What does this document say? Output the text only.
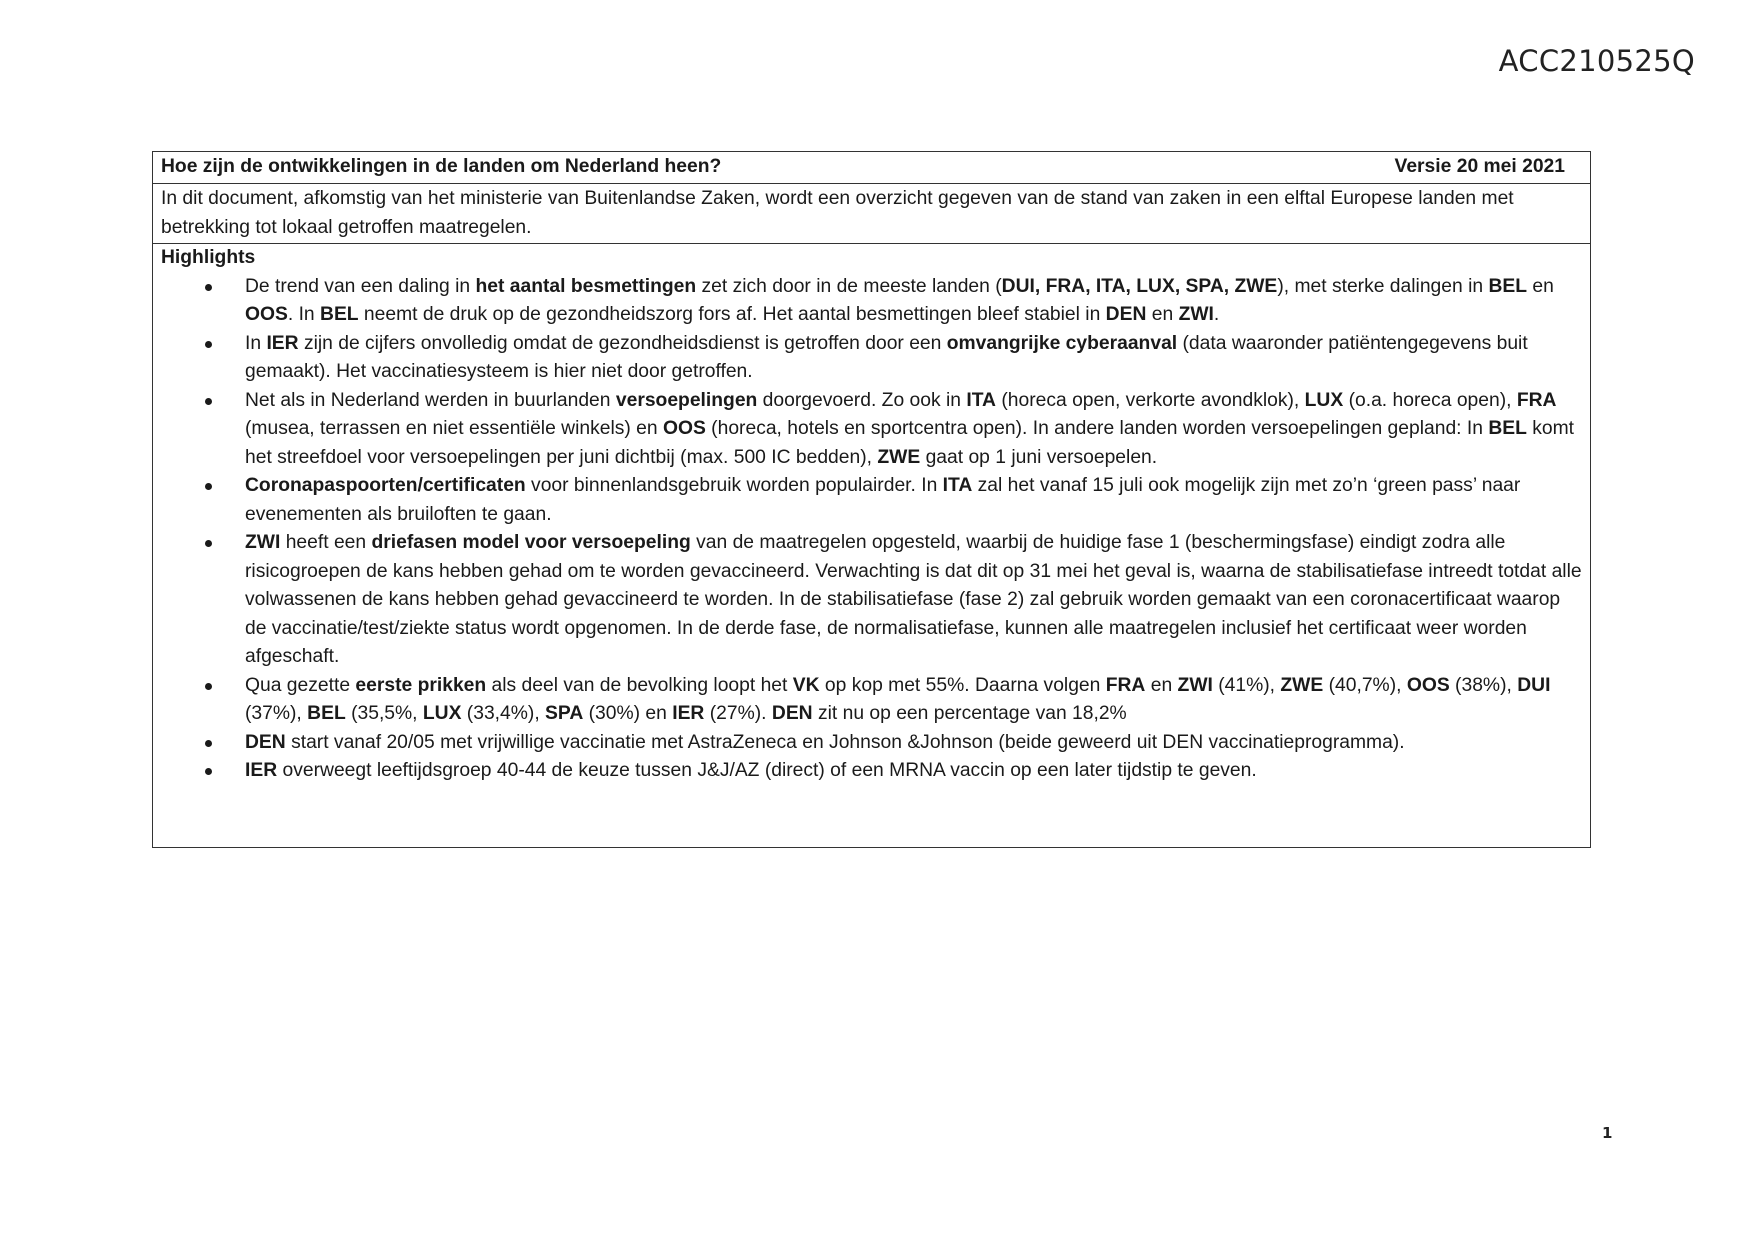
ACC210525Q
Hoe zijn de ontwikkelingen in de landen om Nederland heen?	Versie 20 mei 2021
In dit document, afkomstig van het ministerie van Buitenlandse Zaken, wordt een overzicht gegeven van de stand van zaken in een elftal Europese landen met betrekking tot lokaal getroffen maatregelen.
Highlights
De trend van een daling in het aantal besmettingen zet zich door in de meeste landen (DUI, FRA, ITA, LUX, SPA, ZWE), met sterke dalingen in BEL en OOS. In BEL neemt de druk op de gezondheidszorg fors af. Het aantal besmettingen bleef stabiel in DEN en ZWI.
In IER zijn de cijfers onvolledig omdat de gezondheidsdienst is getroffen door een omvangrijke cyberaanval (data waaronder patiëntengegevens buit gemaakt). Het vaccinatiesysteem is hier niet door getroffen.
Net als in Nederland werden in buurlanden versoepelingen doorgevoerd. Zo ook in ITA (horeca open, verkorte avondklok), LUX (o.a. horeca open), FRA (musea, terrassen en niet essentiële winkels) en OOS (horeca, hotels en sportcentra open). In andere landen worden versoepelingen gepland: In BEL komt het streefdoel voor versoepelingen per juni dichtbij (max. 500 IC bedden), ZWE gaat op 1 juni versoepelen.
Coronapaspoorten/certificaten voor binnenlandsgebruik worden populairder. In ITA zal het vanaf 15 juli ook mogelijk zijn met zo’n ‘green pass’ naar evenementen als bruiloften te gaan.
ZWI heeft een driefasen model voor versoepeling van de maatregelen opgesteld, waarbij de huidige fase 1 (beschermingsfase) eindigt zodra alle risicogroepen de kans hebben gehad om te worden gevaccineerd. Verwachting is dat dit op 31 mei het geval is, waarna de stabilisatiefase intreedt totdat alle volwassenen de kans hebben gehad gevaccineerd te worden. In de stabilisatiefase (fase 2) zal gebruik worden gemaakt van een coronacertificaat waarop de vaccinatie/test/ziekte status wordt opgenomen. In de derde fase, de normalisatiefase, kunnen alle maatregelen inclusief het certificaat weer worden afgeschaft.
Qua gezette eerste prikken als deel van de bevolking loopt het VK op kop met 55%. Daarna volgen FRA en ZWI (41%), ZWE (40,7%), OOS (38%), DUI (37%), BEL (35,5%, LUX (33,4%), SPA (30%) en IER (27%). DEN zit nu op een percentage van 18,2%
DEN start vanaf 20/05 met vrijwillige vaccinatie met AstraZeneca en Johnson &Johnson (beide geweerd uit DEN vaccinatieprogramma).
IER overweegt leeftijdsgroep 40-44 de keuze tussen J&J/AZ (direct) of een MRNA vaccin op een later tijdstip te geven.
1
